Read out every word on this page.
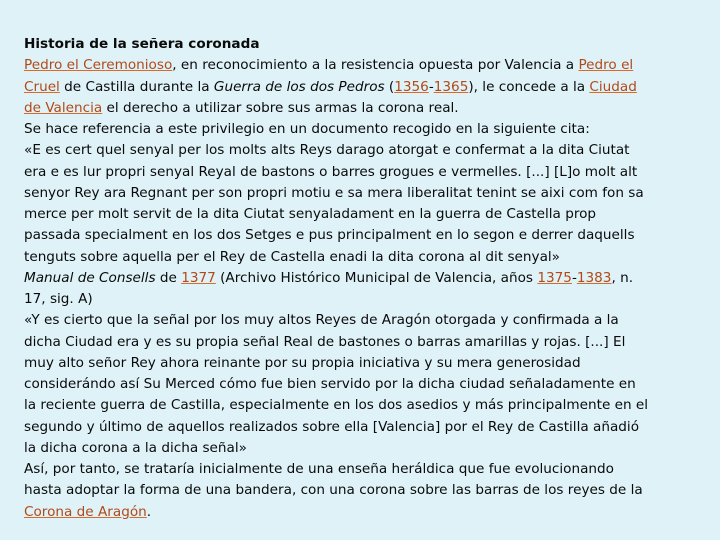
Historia de la señera coronada
Pedro el Ceremonioso, en reconocimiento a la resistencia opuesta por Valencia a Pedro el
Cruel de Castilla durante la Guerra de los dos Pedros (1356-1365), le concede a la Ciudad
de Valencia el derecho a utilizar sobre sus armas la corona real.
Se hace referencia a este privilegio en un documento recogido en la siguiente cita:
«E es cert quel senyal per los molts alts Reys darago atorgat e confermat a la dita Ciutat
era e es lur propri senyal Reyal de bastons o barres grogues e vermelles. [...] [L]o molt alt
senyor Rey ara Regnant per son propri motiu e sa mera liberalitat tenint se aixi com fon sa
merce per molt servit de la dita Ciutat senyaladament en la guerra de Castella prop
passada specialment en los dos Setges e pus principalment en lo segon e derrer daquells
tenguts sobre aquella per el Rey de Castella enadi la dita corona al dit senyal»
Manual de Consells de 1377 (Archivo Histórico Municipal de Valencia, años 1375-1383, n.
17, sig. A)
«Y es cierto que la señal por los muy altos Reyes de Aragón otorgada y confirmada a la
dicha Ciudad era y es su propia señal Real de bastones o barras amarillas y rojas. [...] El
muy alto señor Rey ahora reinante por su propia iniciativa y su mera generosidad
considerándo así Su Merced cómo fue bien servido por la dicha ciudad señaladamente en
la reciente guerra de Castilla, especialmente en los dos asedios y más principalmente en el
segundo y último de aquellos realizados sobre ella [Valencia] por el Rey de Castilla añadió
la dicha corona a la dicha señal»
Así, por tanto, se trataría inicialmente de una enseña heráldica que fue evolucionando
hasta adoptar la forma de una bandera, con una corona sobre las barras de los reyes de la
Corona de Aragón.
